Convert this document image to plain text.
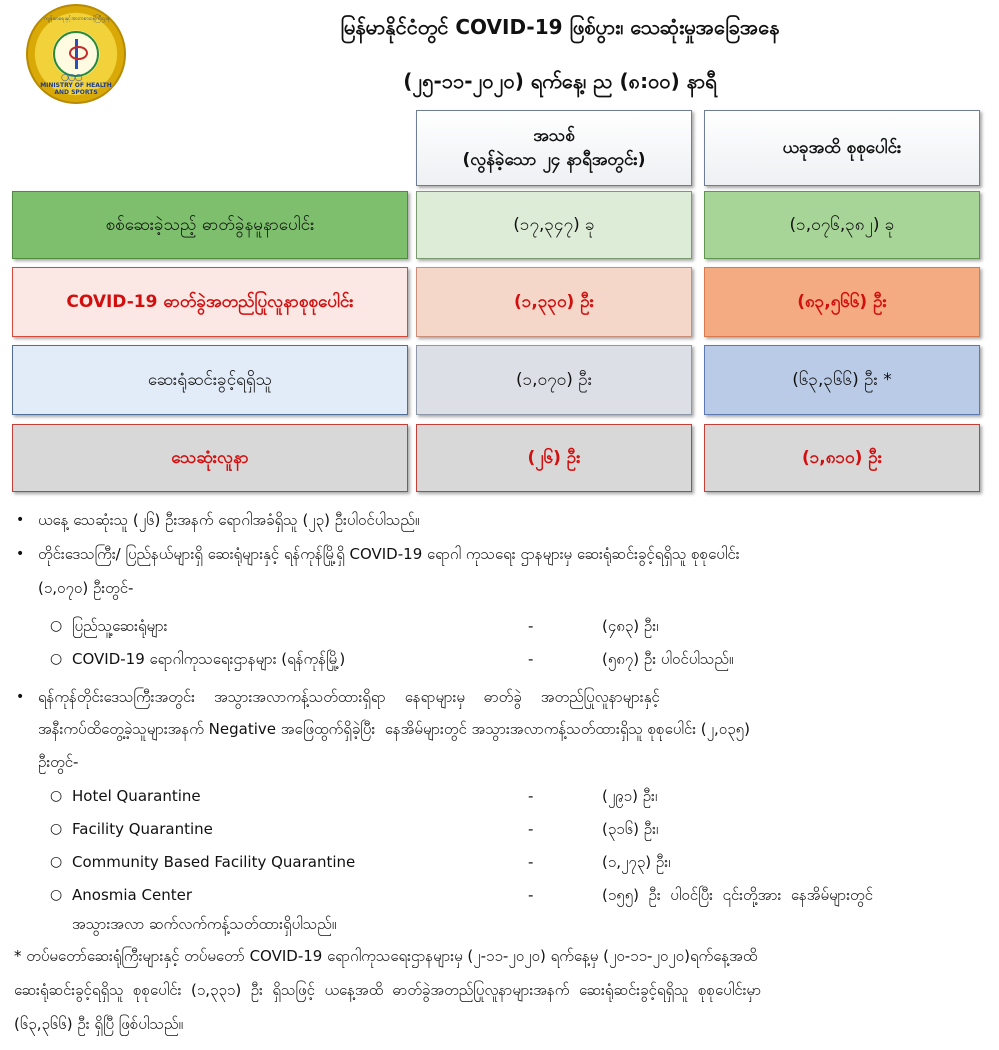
ကျန်းမာရေးနှင့်အားကစားဝန်ကြီးဌာန
○○○
MINISTRY OF HEALTH AND SPORTS
မြန်မာနိုင်ငံတွင် COVID-19 ဖြစ်ပွား၊ သေဆုံးမှုအခြေအနေ
(၂၅-၁၁-၂၀၂၀) ရက်နေ့၊ ည (၈:၀၀) နာရီ
အသစ်
(လွန်ခဲ့သော ၂၄ နာရီအတွင်း)
ယခုအထိ စုစုပေါင်း
စစ်ဆေးခဲ့သည့် ဓာတ်ခွဲနမူနာပေါင်း	(၁၇,၃၄၇) ခု	(၁,၀၇၆,၃၈၂) ခု
COVID-19 ဓာတ်ခွဲအတည်ပြုလူနာစုစုပေါင်း	(၁,၃၃၀) ဦး	(၈၃,၅၆၆) ဦး
ဆေးရုံဆင်းခွင့်ရရှိသူ	(၁,၀၇၀) ဦး	(၆၃,၃၆၆) ဦး *
သေဆုံးလူနာ	(၂၆) ဦး	(၁,၈၁၀) ဦး
• ယနေ့ သေဆုံးသူ (၂၆) ဦးအနက် ရောဂါအခံရှိသူ (၂၃) ဦးပါဝင်ပါသည်။
• တိုင်းဒေသကြီး/ ပြည်နယ်များရှိ ဆေးရုံများနှင့် ရန်ကုန်မြို့ရှိ COVID-19 ရောဂါ ကုသရေး ဌာနများမှ ဆေးရုံဆင်းခွင့်ရရှိသူ စုစုပေါင်း
(၁,၀၇၀) ဦးတွင်-
○ ပြည်သူ့ဆေးရုံများ	-	(၄၈၃) ဦး၊
○ COVID-19 ရောဂါကုသရေးဌာနများ (ရန်ကုန်မြို့)	-	(၅၈၇) ဦး ပါဝင်ပါသည်။
• ရန်ကုန်တိုင်းဒေသကြီးအတွင်း    အသွားအလာကန့်သတ်ထားရှိရာ    နေရာများမှ    ဓာတ်ခွဲ    အတည်ပြုလူနာများနှင့်
အနီးကပ်ထိတွေ့ခဲ့သူများအနက် Negative အဖြေထွက်ရှိခဲ့ပြီး  နေအိမ်များတွင် အသွားအလာကန့်သတ်ထားရှိသူ စုစုပေါင်း (၂,၀၃၅)
ဦးတွင်-
○ Hotel Quarantine	-	(၂၉၁) ဦး၊
○ Facility Quarantine	-	(၃၁၆) ဦး၊
○ Community Based Facility Quarantine	-	(၁,၂၇၃) ဦး၊
○ Anosmia Center	-	(၁၅၅)  ဦး  ပါဝင်ပြီး  ၎င်းတို့အား  နေအိမ်များတွင်
အသွားအလာ ဆက်လက်ကန့်သတ်ထားရှိပါသည်။
* တပ်မတော်ဆေးရုံကြီးများနှင့် တပ်မတော် COVID-19 ရောဂါကုသရေးဌာနများမှ (၂-၁၁-၂၀၂၀) ရက်နေ့မှ (၂၀-၁၁-၂၀၂၀)ရက်နေ့အထိ
ဆေးရုံဆင်းခွင့်ရရှိသူ  စုစုပေါင်း  (၁,၃၃၁)  ဦး  ရှိသဖြင့်  ယနေ့အထိ  ဓာတ်ခွဲအတည်ပြုလူနာများအနက်  ဆေးရုံဆင်းခွင့်ရရှိသူ  စုစုပေါင်းမှာ
(၆၃,၃၆၆) ဦး ရှိပြီ ဖြစ်ပါသည်။
